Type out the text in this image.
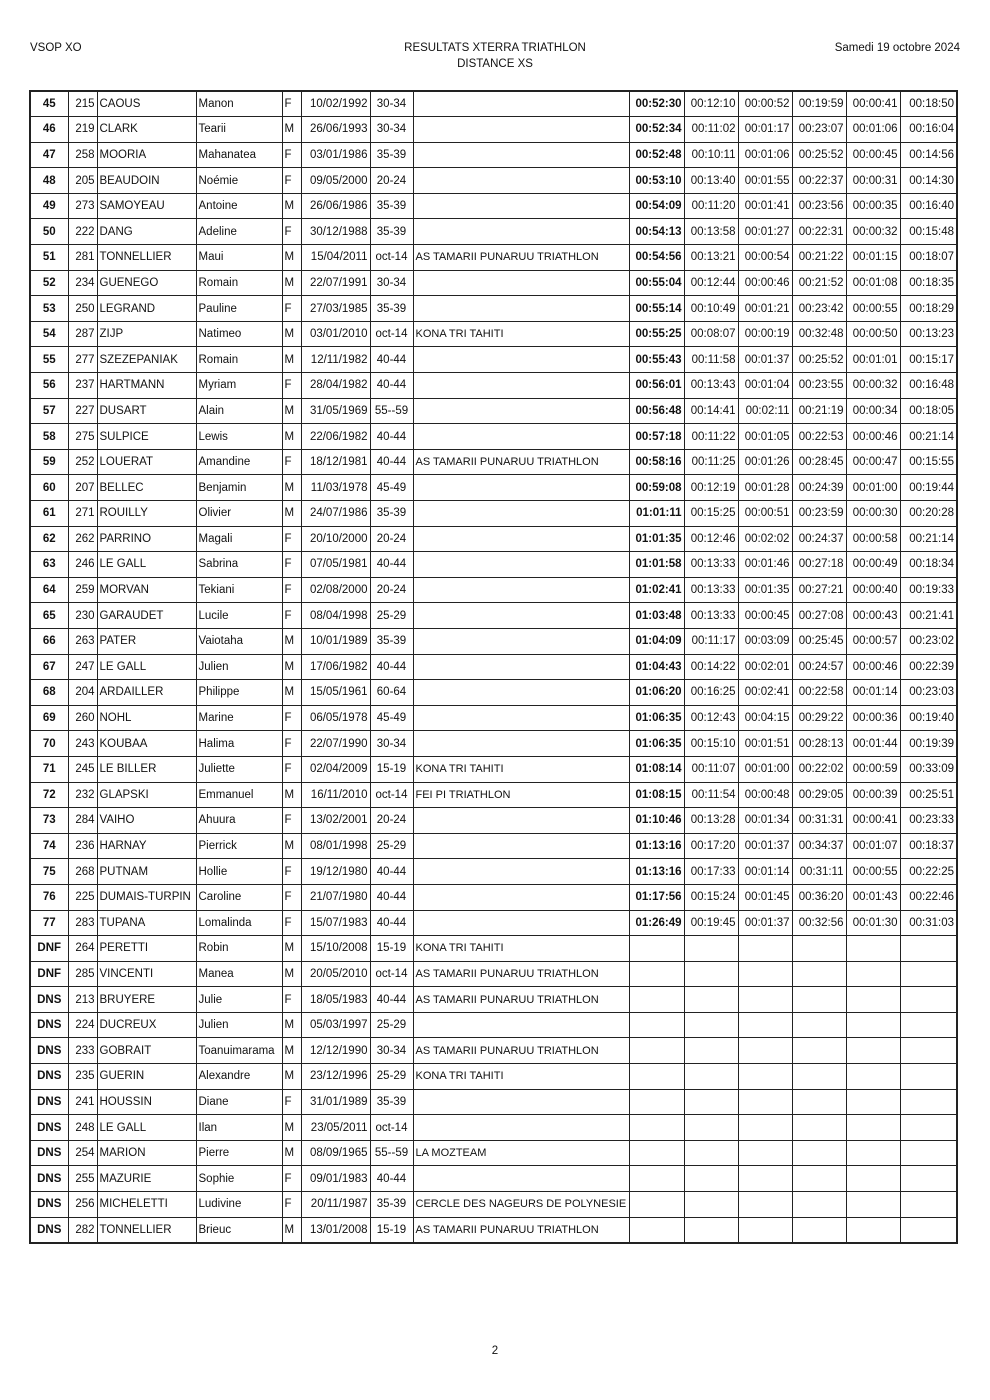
VSOP XO	RESULTATS XTERRA TRIATHLON
DISTANCE XS
Samedi 19 octobre 2024
45	215	CAOUS	Manon	F	10/02/1992	30-34		00:52:30	00:12:10	00:00:52	00:19:59	00:00:41	00:18:50
46	219	CLARK	Tearii	M	26/06/1993	30-34		00:52:34	00:11:02	00:01:17	00:23:07	00:01:06	00:16:04
47	258	MOORIA	Mahanatea	F	03/01/1986	35-39		00:52:48	00:10:11	00:01:06	00:25:52	00:00:45	00:14:56
48	205	BEAUDOIN	Noémie	F	09/05/2000	20-24		00:53:10	00:13:40	00:01:55	00:22:37	00:00:31	00:14:30
49	273	SAMOYEAU	Antoine	M	26/06/1986	35-39		00:54:09	00:11:20	00:01:41	00:23:56	00:00:35	00:16:40
50	222	DANG	Adeline	F	30/12/1988	35-39		00:54:13	00:13:58	00:01:27	00:22:31	00:00:32	00:15:48
51	281	TONNELLIER	Maui	M	15/04/2011	oct-14	AS TAMARII PUNARUU TRIATHLON	00:54:56	00:13:21	00:00:54	00:21:22	00:01:15	00:18:07
52	234	GUENEGO	Romain	M	22/07/1991	30-34		00:55:04	00:12:44	00:00:46	00:21:52	00:01:08	00:18:35
53	250	LEGRAND	Pauline	F	27/03/1985	35-39		00:55:14	00:10:49	00:01:21	00:23:42	00:00:55	00:18:29
54	287	ZIJP	Natimeo	M	03/01/2010	oct-14	KONA TRI TAHITI	00:55:25	00:08:07	00:00:19	00:32:48	00:00:50	00:13:23
55	277	SZEZEPANIAK	Romain	M	12/11/1982	40-44		00:55:43	00:11:58	00:01:37	00:25:52	00:01:01	00:15:17
56	237	HARTMANN	Myriam	F	28/04/1982	40-44		00:56:01	00:13:43	00:01:04	00:23:55	00:00:32	00:16:48
57	227	DUSART	Alain	M	31/05/1969	55--59		00:56:48	00:14:41	00:02:11	00:21:19	00:00:34	00:18:05
58	275	SULPICE	Lewis	M	22/06/1982	40-44		00:57:18	00:11:22	00:01:05	00:22:53	00:00:46	00:21:14
59	252	LOUERAT	Amandine	F	18/12/1981	40-44	AS TAMARII PUNARUU TRIATHLON	00:58:16	00:11:25	00:01:26	00:28:45	00:00:47	00:15:55
60	207	BELLEC	Benjamin	M	11/03/1978	45-49		00:59:08	00:12:19	00:01:28	00:24:39	00:01:00	00:19:44
61	271	ROUILLY	Olivier	M	24/07/1986	35-39		01:01:11	00:15:25	00:00:51	00:23:59	00:00:30	00:20:28
62	262	PARRINO	Magali	F	20/10/2000	20-24		01:01:35	00:12:46	00:02:02	00:24:37	00:00:58	00:21:14
63	246	LE GALL	Sabrina	F	07/05/1981	40-44		01:01:58	00:13:33	00:01:46	00:27:18	00:00:49	00:18:34
64	259	MORVAN	Tekiani	F	02/08/2000	20-24		01:02:41	00:13:33	00:01:35	00:27:21	00:00:40	00:19:33
65	230	GARAUDET	Lucile	F	08/04/1998	25-29		01:03:48	00:13:33	00:00:45	00:27:08	00:00:43	00:21:41
66	263	PATER	Vaiotaha	M	10/01/1989	35-39		01:04:09	00:11:17	00:03:09	00:25:45	00:00:57	00:23:02
67	247	LE GALL	Julien	M	17/06/1982	40-44		01:04:43	00:14:22	00:02:01	00:24:57	00:00:46	00:22:39
68	204	ARDAILLER	Philippe	M	15/05/1961	60-64		01:06:20	00:16:25	00:02:41	00:22:58	00:01:14	00:23:03
69	260	NOHL	Marine	F	06/05/1978	45-49		01:06:35	00:12:43	00:04:15	00:29:22	00:00:36	00:19:40
70	243	KOUBAA	Halima	F	22/07/1990	30-34		01:06:35	00:15:10	00:01:51	00:28:13	00:01:44	00:19:39
71	245	LE BILLER	Juliette	F	02/04/2009	15-19	KONA TRI TAHITI	01:08:14	00:11:07	00:01:00	00:22:02	00:00:59	00:33:09
72	232	GLAPSKI	Emmanuel	M	16/11/2010	oct-14	FEI PI TRIATHLON	01:08:15	00:11:54	00:00:48	00:29:05	00:00:39	00:25:51
73	284	VAIHO	Ahuura	F	13/02/2001	20-24		01:10:46	00:13:28	00:01:34	00:31:31	00:00:41	00:23:33
74	236	HARNAY	Pierrick	M	08/01/1998	25-29		01:13:16	00:17:20	00:01:37	00:34:37	00:01:07	00:18:37
75	268	PUTNAM	Hollie	F	19/12/1980	40-44		01:13:16	00:17:33	00:01:14	00:31:11	00:00:55	00:22:25
76	225	DUMAIS-TURPIN	Caroline	F	21/07/1980	40-44		01:17:56	00:15:24	00:01:45	00:36:20	00:01:43	00:22:46
77	283	TUPANA	Lomalinda	F	15/07/1983	40-44		01:26:49	00:19:45	00:01:37	00:32:56	00:01:30	00:31:03
DNF	264	PERETTI	Robin	M	15/10/2008	15-19	KONA TRI TAHITI						
DNF	285	VINCENTI	Manea	M	20/05/2010	oct-14	AS TAMARII PUNARUU TRIATHLON						
DNS	213	BRUYERE	Julie	F	18/05/1983	40-44	AS TAMARII PUNARUU TRIATHLON						
DNS	224	DUCREUX	Julien	M	05/03/1997	25-29							
DNS	233	GOBRAIT	Toanuimarama	M	12/12/1990	30-34	AS TAMARII PUNARUU TRIATHLON						
DNS	235	GUERIN	Alexandre	M	23/12/1996	25-29	KONA TRI TAHITI						
DNS	241	HOUSSIN	Diane	F	31/01/1989	35-39							
DNS	248	LE GALL	Ilan	M	23/05/2011	oct-14							
DNS	254	MARION	Pierre	M	08/09/1965	55--59	LA MOZTEAM						
DNS	255	MAZURIE	Sophie	F	09/01/1983	40-44							
DNS	256	MICHELETTI	Ludivine	F	20/11/1987	35-39	CERCLE DES NAGEURS DE POLYNESIE						
DNS	282	TONNELLIER	Brieuc	M	13/01/2008	15-19	AS TAMARII PUNARUU TRIATHLON						
2
